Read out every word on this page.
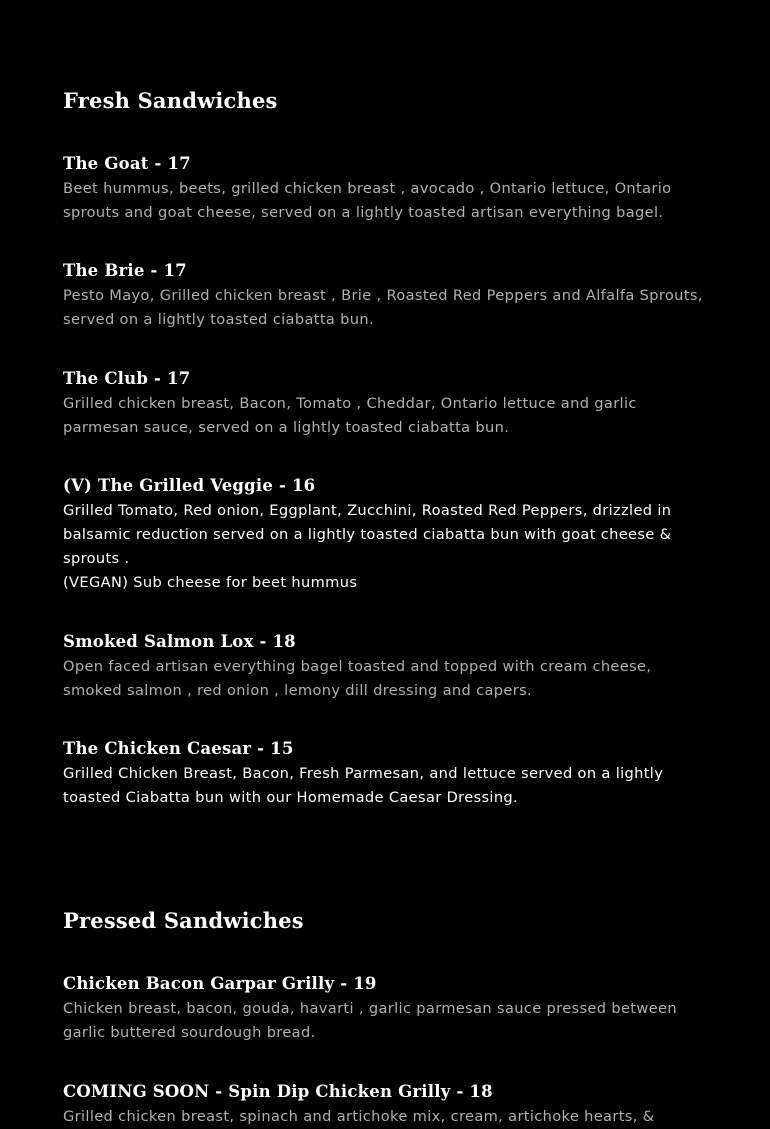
Fresh Sandwiches
The Goat - 17

Beet hummus, beets, grilled chicken breast , avocado , Ontario lettuce, Ontario sprouts and goat cheese, served on a lightly toasted artisan everything bagel.

The Brie - 17

Pesto Mayo, Grilled chicken breast , Brie , Roasted Red Peppers and Alfalfa Sprouts, served on a lightly toasted ciabatta bun.

The Club - 17

Grilled chicken breast, Bacon, Tomato , Cheddar, Ontario lettuce and garlic parmesan sauce, served on a lightly toasted ciabatta bun.

(V) The Grilled Veggie - 16

Grilled Tomato, Red onion, Eggplant, Zucchini, Roasted Red Peppers, drizzled in balsamic reduction served on a lightly toasted ciabatta bun with goat cheese & sprouts .

(VEGAN) Sub cheese for beet hummus

Smoked Salmon Lox - 18

Open faced artisan everything bagel toasted and topped with cream cheese, smoked salmon , red onion , lemony dill dressing and capers.

The Chicken Caesar - 15

Grilled Chicken Breast, Bacon, Fresh Parmesan, and lettuce served on a lightly toasted Ciabatta bun with our Homemade Caesar Dressing.

Pressed Sandwiches
Chicken Bacon Garpar Grilly - 19

Chicken breast, bacon, gouda, havarti , garlic parmesan sauce pressed between garlic buttered sourdough bread.

COMING SOON - Spin Dip Chicken Grilly - 18

Grilled chicken breast, spinach and artichoke mix, cream, artichoke hearts, &
